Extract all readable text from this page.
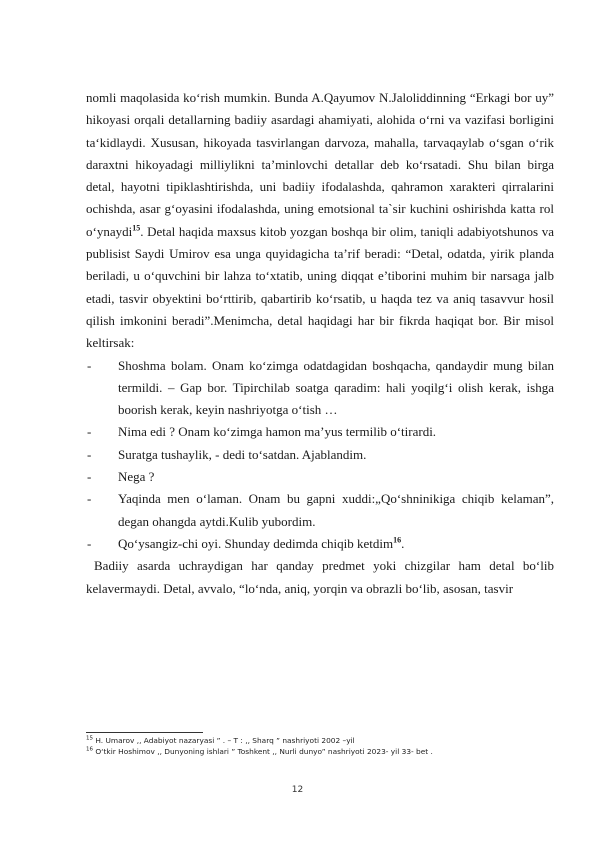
nomli maqolasida ko‘rish mumkin. Bunda A.Qayumov N.Jaloliddinning “Erkagi bor uy” hikoyasi orqali detallarning badiiy asardagi ahamiyati, alohida o‘rni va vazifasi borligini ta‘kidlaydi. Xususan, hikoyada tasvirlangan darvoza, mahalla, tarvaqaylab o‘sgan o‘rik daraxtni hikoyadagi milliylikni ta’minlovchi detallar deb ko‘rsatadi. Shu bilan birga detal, hayotni tipiklashtirishda, uni badiiy ifodalashda, qahramon xarakteri qirralarini ochishda, asar g‘oyasini ifodalashda, uning emotsional ta`sir kuchini oshirishda katta rol o‘ynaydi$^{15}$. Detal haqida maxsus kitob yozgan boshqa bir olim, taniqli adabiyotshunos va publisist Saydi Umirov esa unga quyidagicha ta’rif beradi: “Detal, odatda, yirik planda beriladi, u o‘quvchini bir lahza to‘xtatib, uning diqqat e’tiborini muhim bir narsaga jalb etadi, tasvir obyektini bo‘rttirib, qabartirib ko‘rsatib, u haqda tez va aniq tasavvur hosil qilish imkonini beradi”.Menimcha, detal haqidagi har bir fikrda haqiqat bor. Bir misol keltirsak:

- Shoshma bolam. Onam ko‘zimga odatdagidan boshqacha, qandaydir mung bilan termildi. – Gap bor. Tipirchilab soatga qaradim: hali yoqilg‘i olish kerak, ishga boorish kerak, keyin nashriyotga o‘tish …
- Nima edi ? Onam ko‘zimga hamon ma’yus termilib o‘tirardi.
- Suratga tushaylik, - dedi to‘satdan. Ajablandim.
- Nega ?
- Yaqinda men o‘laman. Onam bu gapni xuddi:„Qo‘shninikiga chiqib kelaman”, degan ohangda aytdi.Kulib yubordim.
- Qo‘ysangiz-chi oyi. Shunday dedimda chiqib ketdim$^{16}$.

Badiiy asarda uchraydigan har qanday predmet yoki chizgilar ham detal bo‘lib kelavermaydi. Detal, avvalo, “lo‘nda, aniq, yorqin va obrazli bo‘lib, asosan, tasvir

$^{15}$ H. Umarov ,, Adabiyot nazaryasi ” . – T : ,, Sharq ” nashriyoti 2002 –yil
$^{16}$ O‘tkir Hoshimov ,, Dunyoning ishlari ” Toshkent ,, Nurli dunyo” nashriyoti 2023- yil 33- bet .
12
